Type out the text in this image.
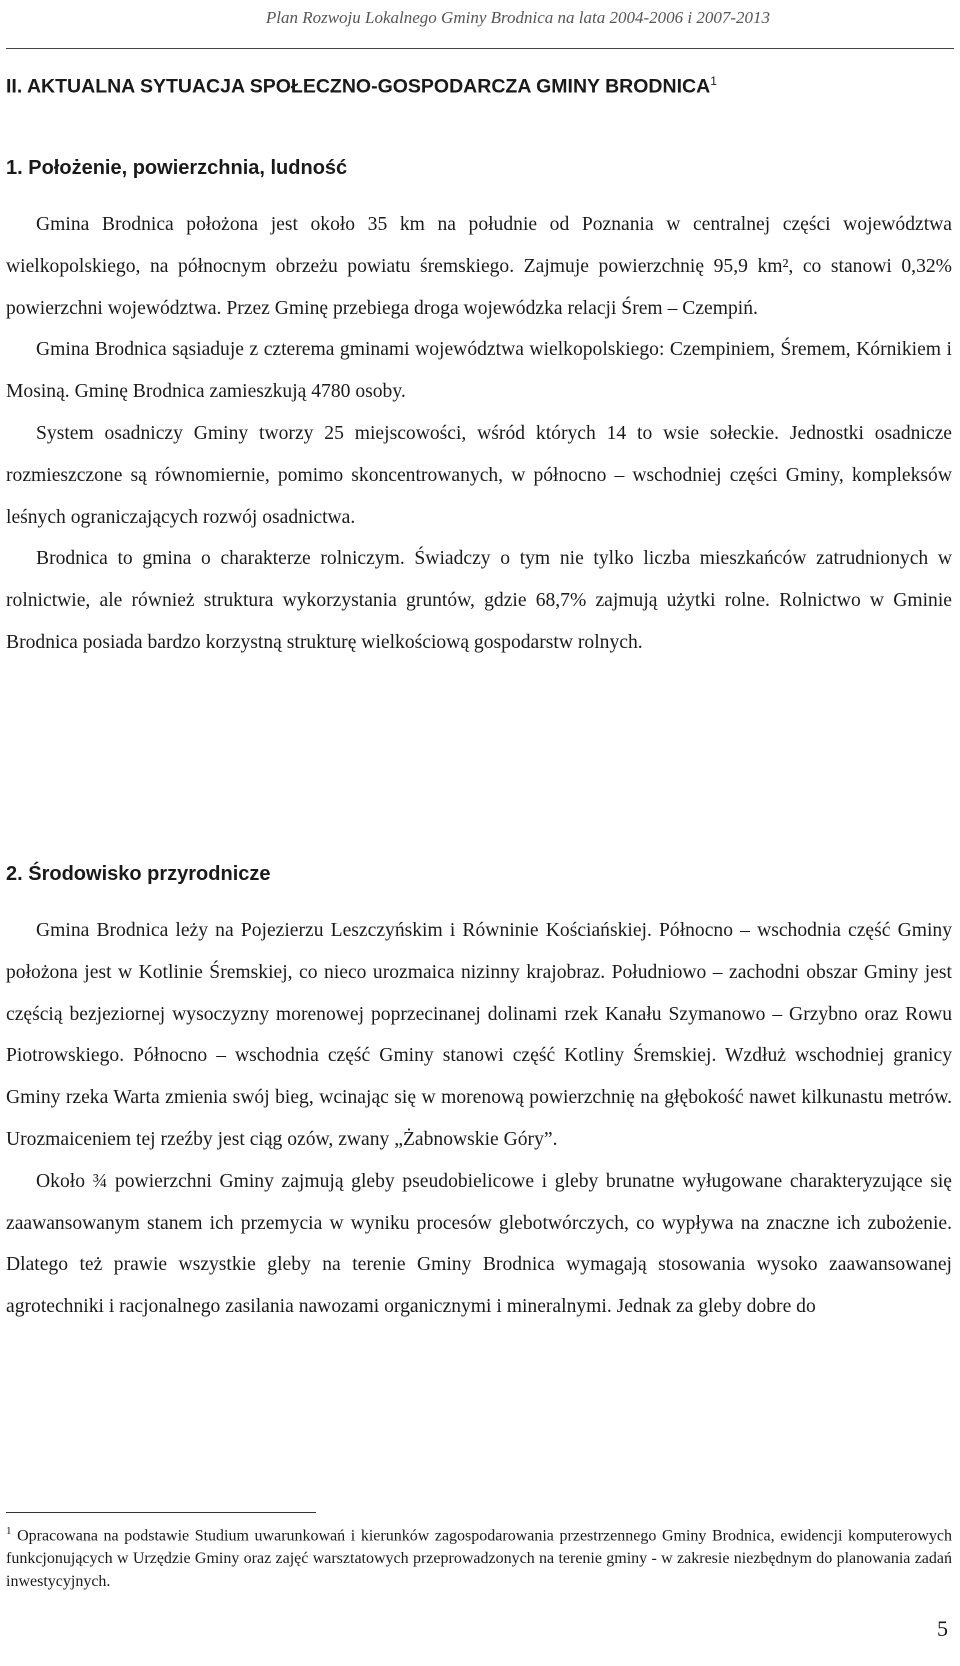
Plan Rozwoju Lokalnego Gminy Brodnica na lata 2004-2006 i 2007-2013
II. AKTUALNA SYTUACJA SPOŁECZNO-GOSPODARCZA GMINY BRODNICA$^1$
1. Położenie, powierzchnia, ludność

Gmina Brodnica położona jest około 35 km na południe od Poznania w centralnej części województwa wielkopolskiego, na północnym obrzeżu powiatu śremskiego. Zajmuje powierzchnię 95,9 km², co stanowi 0,32% powierzchni województwa. Przez Gminę przebiega droga wojewódzka relacji Śrem – Czempiń.

Gmina Brodnica sąsiaduje z czterema gminami województwa wielkopolskiego: Czempiniem, Śremem, Kórnikiem i Mosiną. Gminę Brodnica zamieszkują 4780 osoby.

System osadniczy Gminy tworzy 25 miejscowości, wśród których 14 to wsie sołeckie. Jednostki osadnicze rozmieszczone są równomiernie, pomimo skoncentrowanych, w północno – wschodniej części Gminy, kompleksów leśnych ograniczających rozwój osadnictwa.

Brodnica to gmina o charakterze rolniczym. Świadczy o tym nie tylko liczba mieszkańców zatrudnionych w rolnictwie, ale również struktura wykorzystania gruntów, gdzie 68,7% zajmują użytki rolne. Rolnictwo w Gminie Brodnica posiada bardzo korzystną strukturę wielkościową gospodarstw rolnych.

2. Środowisko przyrodnicze

Gmina Brodnica leży na Pojezierzu Leszczyńskim i Równinie Kościańskiej. Północno – wschodnia część Gminy położona jest w Kotlinie Śremskiej, co nieco urozmaica nizinny krajobraz. Południowo – zachodni obszar Gminy jest częścią bezjeziornej wysoczyzny morenowej poprzecinanej dolinami rzek Kanału Szymanowo – Grzybno oraz Rowu Piotrowskiego. Północno – wschodnia część Gminy stanowi część Kotliny Śremskiej. Wzdłuż wschodniej granicy Gminy rzeka Warta zmienia swój bieg, wcinając się w morenową powierzchnię na głębokość nawet kilkunastu metrów. Urozmaiceniem tej rzeźby jest ciąg ozów, zwany „Żabnowskie Góry”.

Około ¾ powierzchni Gminy zajmują gleby pseudobielicowe i gleby brunatne wyługowane charakteryzujące się zaawansowanym stanem ich przemycia w wyniku procesów glebotwórczych, co wypływa na znaczne ich zubożenie. Dlatego też prawie wszystkie gleby na terenie Gminy Brodnica wymagają stosowania wysoko zaawansowanej agrotechniki i racjonalnego zasilania nawozami organicznymi i mineralnymi. Jednak za gleby dobre do

$^1$ Opracowana na podstawie Studium uwarunkowań i kierunków zagospodarowania przestrzennego Gminy Brodnica, ewidencji komputerowych funkcjonujących w Urzędzie Gminy oraz zajęć warsztatowych przeprowadzonych na terenie gminy - w zakresie niezbędnym do planowania zadań inwestycyjnych.
5
